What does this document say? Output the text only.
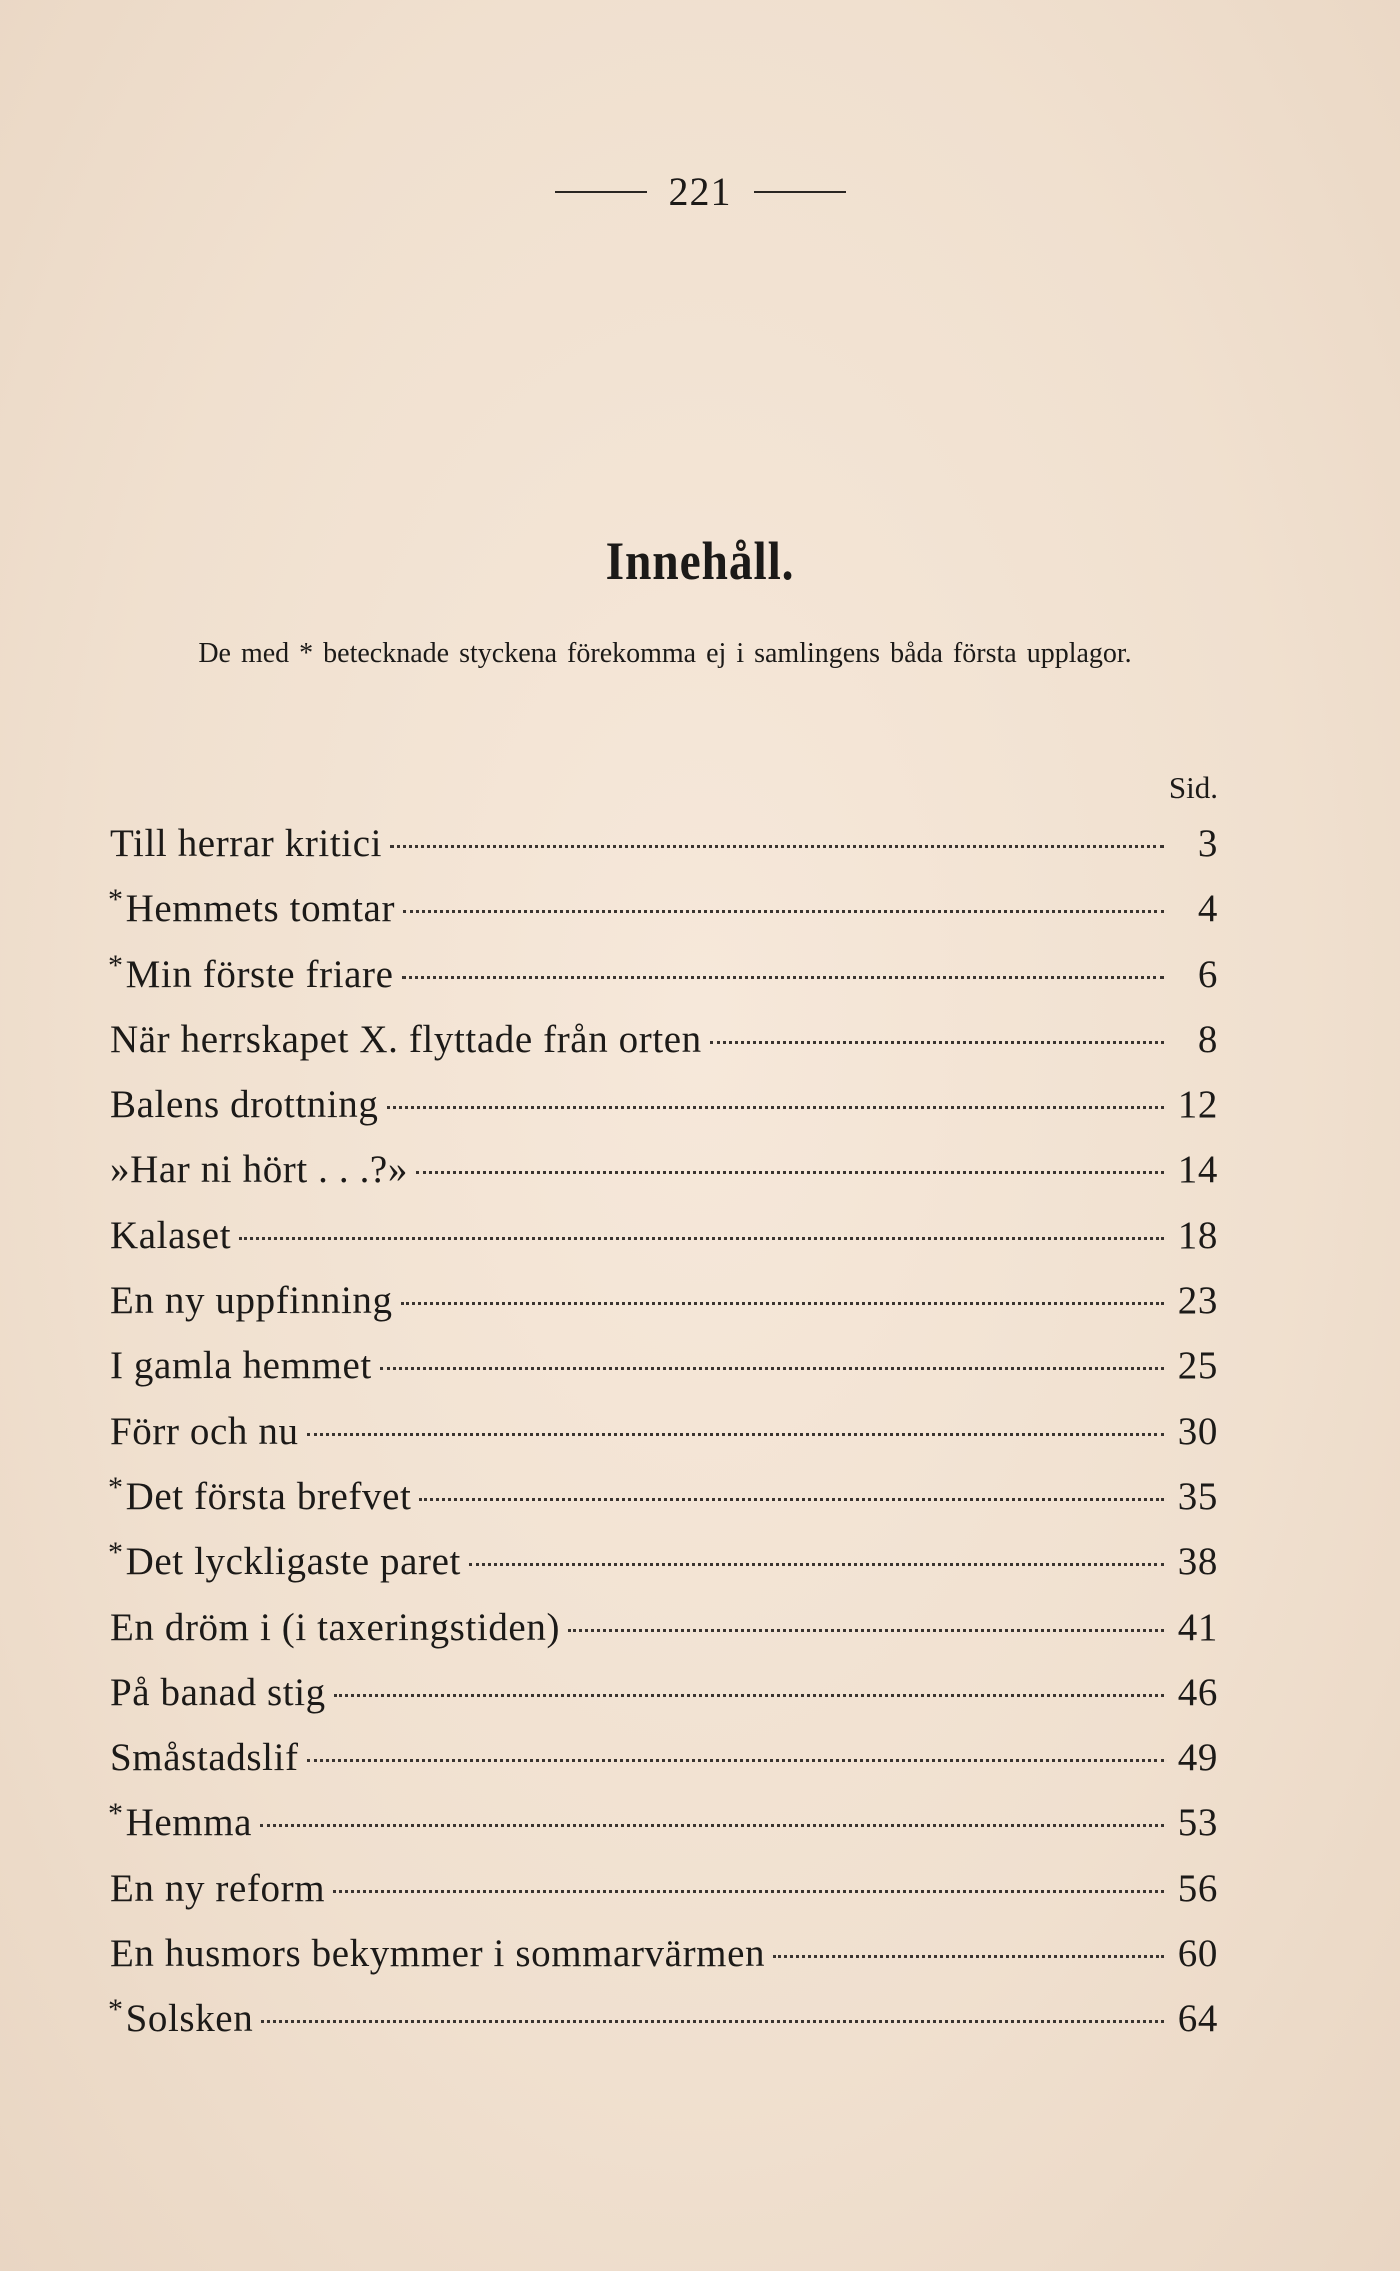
221
Innehåll.
De med * betecknade styckena förekomma ej i samlingens båda första upplagor.
Sid.
Till herrar kritici	3
*Hemmets tomtar	4
*Min förste friare	6
När herrskapet X. flyttade från orten	8
Balens drottning	12
»Har ni hört . . .?»	14
Kalaset	18
En ny uppfinning	23
I gamla hemmet	25
Förr och nu	30
*Det första brefvet	35
*Det lyckligaste paret	38
En dröm i (i taxeringstiden)	41
På banad stig	46
Småstadslif	49
*Hemma	53
En ny reform	56
En husmors bekymmer i sommarvärmen	60
*Solsken	64
